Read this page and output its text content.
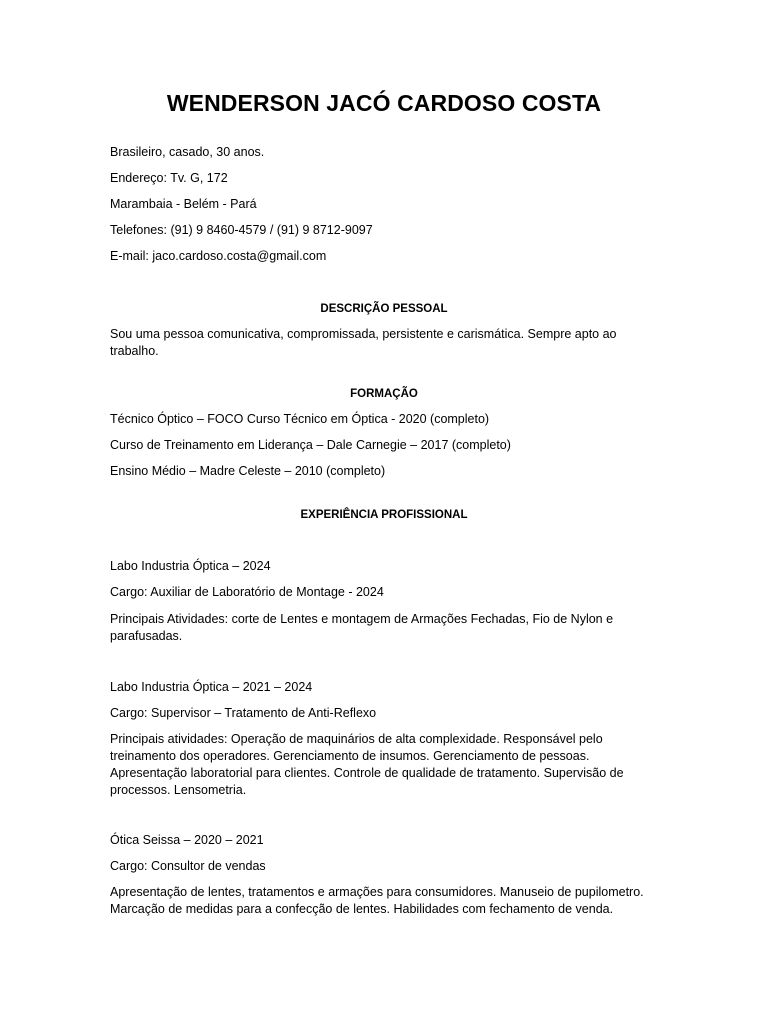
WENDERSON JACÓ CARDOSO COSTA
Brasileiro, casado, 30 anos.
Endereço: Tv. G, 172
Marambaia - Belém - Pará
Telefones: (91) 9 8460-4579 / (91) 9 8712-9097
E-mail: jaco.cardoso.costa@gmail.com
DESCRIÇÃO PESSOAL
Sou uma pessoa comunicativa, compromissada, persistente e carismática. Sempre apto ao trabalho.
FORMAÇÃO
Técnico Óptico – FOCO Curso Técnico em Óptica - 2020 (completo)
Curso de Treinamento em Liderança – Dale Carnegie – 2017 (completo)
Ensino Médio – Madre Celeste – 2010 (completo)
EXPERIÊNCIA PROFISSIONAL
Labo Industria Óptica – 2024
Cargo: Auxiliar de Laboratório de Montage - 2024
Principais Atividades: corte de Lentes e montagem de Armações Fechadas, Fio de Nylon e parafusadas.
Labo Industria Óptica – 2021 – 2024
Cargo: Supervisor – Tratamento de Anti-Reflexo
Principais atividades: Operação de maquinários de alta complexidade. Responsável pelo treinamento dos operadores. Gerenciamento de insumos. Gerenciamento de pessoas. Apresentação laboratorial para clientes. Controle de qualidade de tratamento. Supervisão de processos. Lensometria.
Ótica Seissa – 2020 – 2021
Cargo: Consultor de vendas
Apresentação de lentes, tratamentos e armações para consumidores. Manuseio de pupilometro. Marcação de medidas para a confecção de lentes. Habilidades com fechamento de venda.
